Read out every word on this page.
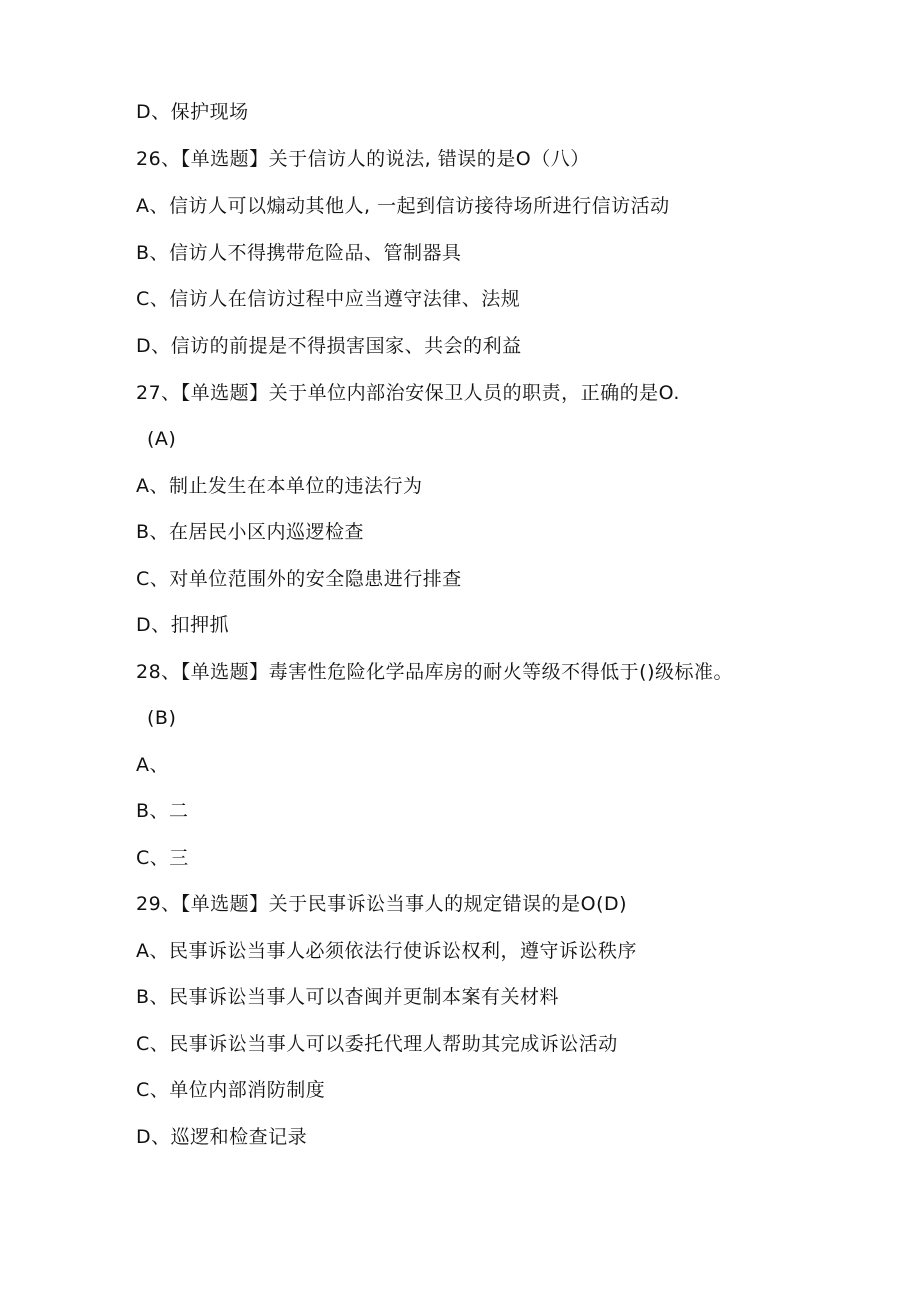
D、保护现场
26、【单选题】关于信访人的说法, 错误的是O（八）
A、信访人可以煽动其他人, 一起到信访接待场所进行信访活动
B、信访人不得携带危险品、管制器具
C、信访人在信访过程中应当遵守法律、法规
D、信访的前提是不得损害国家、共会的利益
27、【单选题】关于单位内部治安保卫人员的职责，正确的是O.
(A)
A、制止发生在本单位的违法行为
B、在居民小区内巡逻检查
C、对单位范围外的安全隐患进行排查
D、扣押抓
28、【单选题】毒害性危险化学品库房的耐火等级不得低于()级标准。
(B)
A、
B、二
C、三
29、【单选题】关于民事诉讼当事人的规定错误的是O(D)
A、民事诉讼当事人必须依法行使诉讼权利，遵守诉讼秩序
B、民事诉讼当事人可以杳闽并更制本案有关材料
C、民事诉讼当事人可以委托代理人帮助其完成诉讼活动
C、单位内部消防制度
D、巡逻和检查记录
